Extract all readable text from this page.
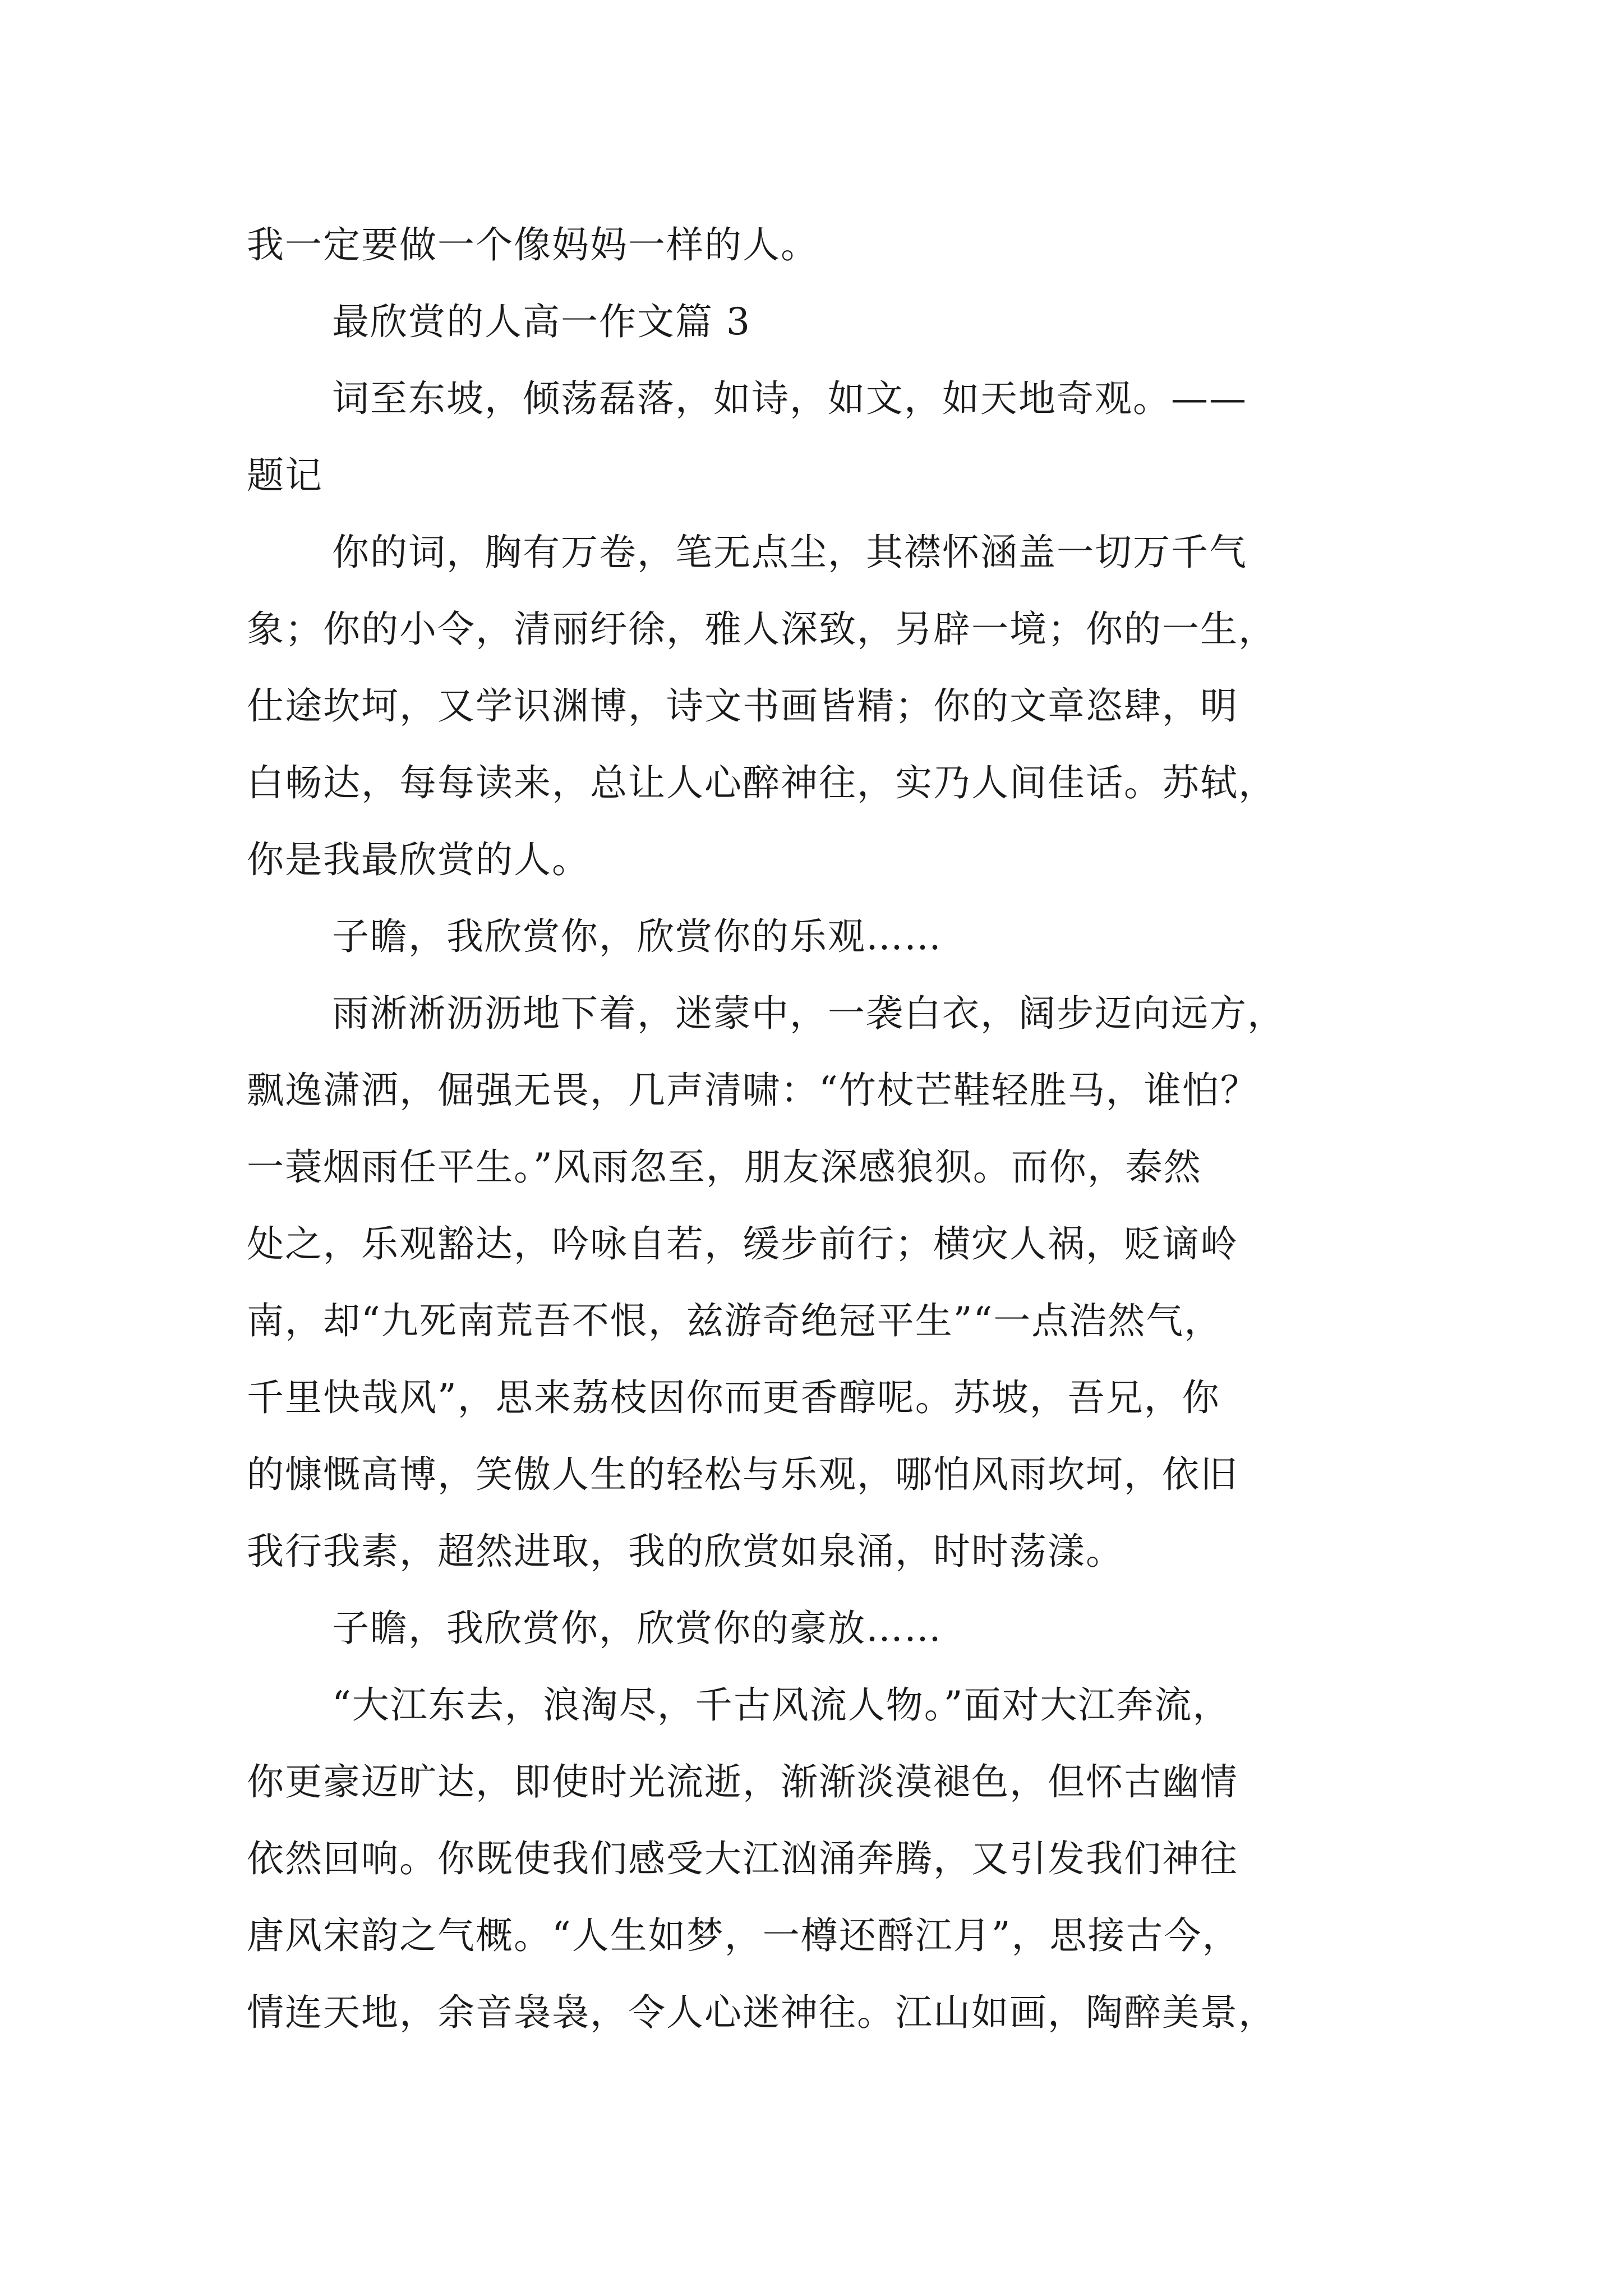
我一定要做一个像妈妈一样的人。
最欣赏的人高一作文篇 3
词至东坡，倾荡磊落，如诗，如文，如天地奇观。——
题记
你的词，胸有万卷，笔无点尘，其襟怀涵盖一切万千气
象；你的小令，清丽纡徐，雅人深致，另辟一境；你的一生，
仕途坎坷，又学识渊博，诗文书画皆精；你的文章恣肆，明
白畅达，每每读来，总让人心醉神往，实乃人间佳话。苏轼，
你是我最欣赏的人。
子瞻，我欣赏你，欣赏你的乐观……
雨淅淅沥沥地下着，迷蒙中，一袭白衣，阔步迈向远方，
飘逸潇洒，倔强无畏，几声清啸：“竹杖芒鞋轻胜马，谁怕？
一蓑烟雨任平生。”风雨忽至，朋友深感狼狈。而你，泰然
处之，乐观豁达，吟咏自若，缓步前行；横灾人祸，贬谪岭
南，却“九死南荒吾不恨，兹游奇绝冠平生”“一点浩然气，
千里快哉风”，思来荔枝因你而更香醇呢。苏坡，吾兄，你
的慷慨高博，笑傲人生的轻松与乐观，哪怕风雨坎坷，依旧
我行我素，超然进取，我的欣赏如泉涌，时时荡漾。
子瞻，我欣赏你，欣赏你的豪放……
“大江东去，浪淘尽，千古风流人物。”面对大江奔流，
你更豪迈旷达，即使时光流逝，渐渐淡漠褪色，但怀古幽情
依然回响。你既使我们感受大江汹涌奔腾，又引发我们神往
唐风宋韵之气概。“人生如梦，一樽还酹江月”，思接古今，
情连天地，余音袅袅，令人心迷神往。江山如画，陶醉美景，
